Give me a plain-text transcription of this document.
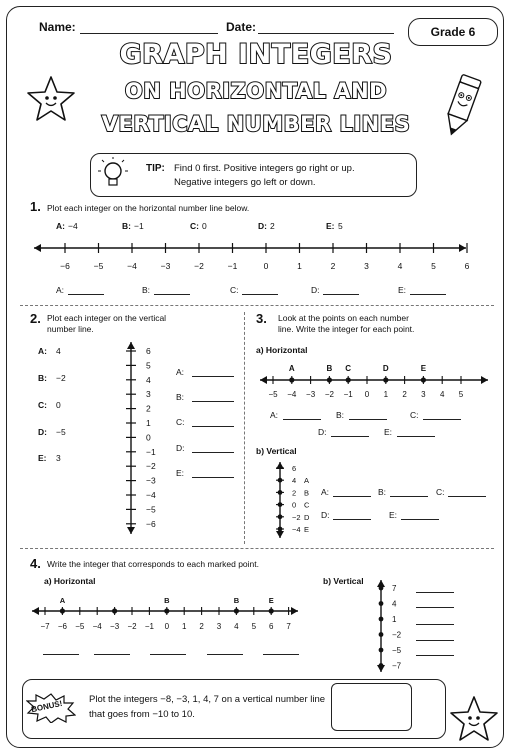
Name:	Date:	Grade 6
GRAPH INTEGERS
ON HORIZONTAL AND
VERTICAL NUMBER LINES
TIP: Find 0 first. Positive integers go right or up.
Negative integers go left or down.
1. Plot each integer on the horizontal number line below.
−6	−5	−4	−3	−2	−1	0	1	2	3	4	5	6
2. Plot each integer on the vertical
number line.
6
5
4
3
2
1
0
−1
−2
−3
−4
−5
−6
3. Look at the points on each number
line. Write the integer for each point.
a) Horizontal
−5 −4 −3 −2 −1 0 1 2 3 4 5
A	B C	D	E
b) Vertical
6
4 A
2 B
0 C
−2 D
−4 E
4. Write the integer that corresponds to each marked point.
a) Horizontal
−7 −6 −5 −4 −3 −2 −1 0 1 2 3 4 5 6 7
A	B	B	E
b) Vertical
7
4
1
−2
−5
−7
BONUS!	Plot the integers −8, −3, 1, 4, 7 on a vertical number line
that goes from −10 to 10.
A: −4	B: −1	C: 0	D: 2	E: 5
A:	B:	C:	D:	E:
A: 4
B: −2
C: 0
D: −5
E: 3
A:
B:
C:
D:
E:
A:	B:	C:
D:	E:
A:	B:	C:
D:	E:
